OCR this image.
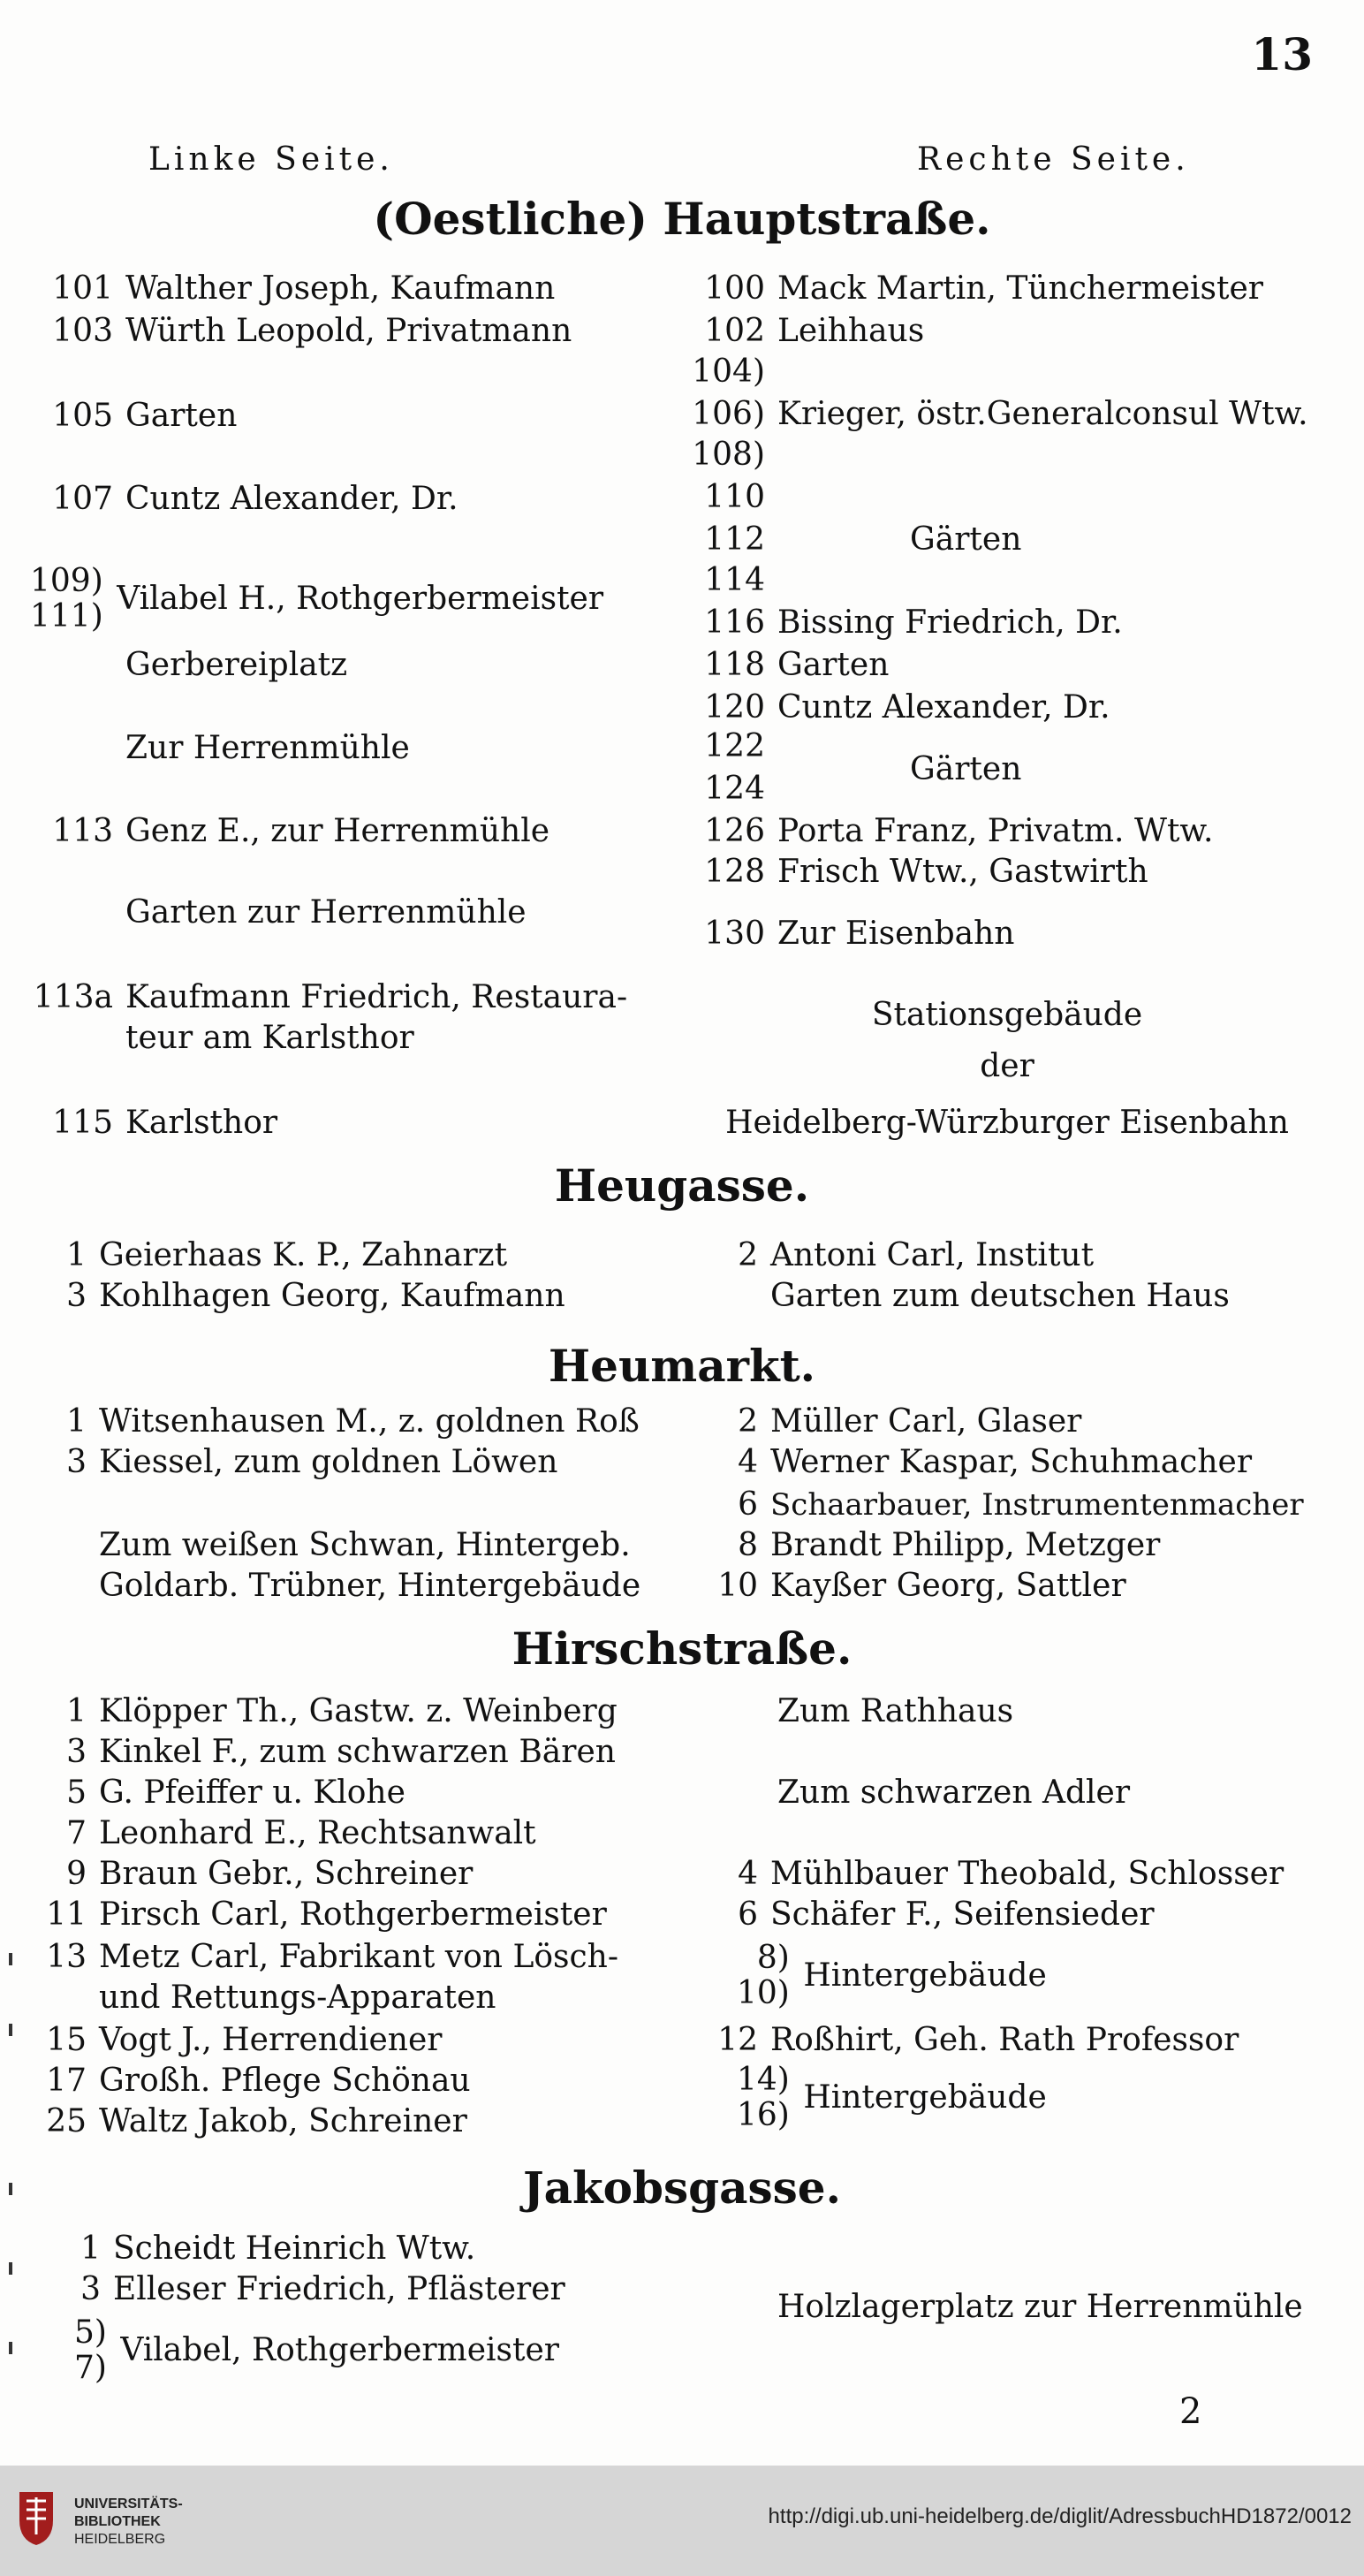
13
Linke Seite.	Rechte Seite.
(Oestliche) Hauptstraße.
101 Walther Joseph, Kaufmann
103 Würth Leopold, Privatmann
105 Garten
107 Cuntz Alexander, Dr.
109)
111) Vilabel H., Rothgerbermeister
Gerbereiplatz
Zur Herrenmühle
113 Genz E., zur Herrenmühle
Garten zur Herrenmühle
113a Kaufmann Friedrich, Restaura-
teur am Karlsthor
115 Karlsthor
100 Mack Martin, Tünchermeister
102 Leihhaus
104)
106) Krieger, östr.Generalconsul Wtw.
108)
110
112	Gärten
114
116 Bissing Friedrich, Dr.
118 Garten
120 Cuntz Alexander, Dr.
122
Gärten
124
126 Porta Franz, Privatm. Wtw.
128 Frisch Wtw., Gastwirth
130 Zur Eisenbahn
Stationsgebäude
der
Heidelberg-Würzburger Eisenbahn
Heugasse.
1 Geierhaas K. P., Zahnarzt
3 Kohlhagen Georg, Kaufmann
2 Antoni Carl, Institut
Garten zum deutschen Haus
Heumarkt.
1 Witsenhausen M., z. goldnen Roß
3 Kiessel, zum goldnen Löwen
Zum weißen Schwan, Hintergeb.
Goldarb. Trübner, Hintergebäude
2 Müller Carl, Glaser
4 Werner Kaspar, Schuhmacher
6 Schaarbauer, Instrumentenmacher
8 Brandt Philipp, Metzger
10 Kayßer Georg, Sattler
Hirschstraße.
1 Klöpper Th., Gastw. z. Weinberg
3 Kinkel F., zum schwarzen Bären
5 G. Pfeiffer u. Klohe
7 Leonhard E., Rechtsanwalt
9 Braun Gebr., Schreiner
11 Pirsch Carl, Rothgerbermeister
13 Metz Carl, Fabrikant von Lösch-
und Rettungs-Apparaten
15 Vogt J., Herrendiener
17 Großh. Pflege Schönau
25 Waltz Jakob, Schreiner
Zum Rathhaus
Zum schwarzen Adler
4 Mühlbauer Theobald, Schlosser
6 Schäfer F., Seifensieder
8)
10) Hintergebäude
12 Roßhirt, Geh. Rath Professor
14)
16) Hintergebäude
Jakobsgasse.
1 Scheidt Heinrich Wtw.
3 Elleser Friedrich, Pflästerer
5)
7) Vilabel, Rothgerbermeister
Holzlagerplatz zur Herrenmühle
2
UNIVERSITÄTS-
BIBLIOTHEK
HEIDELBERG
http://digi.ub.uni-heidelberg.de/diglit/AdressbuchHD1872/0012
